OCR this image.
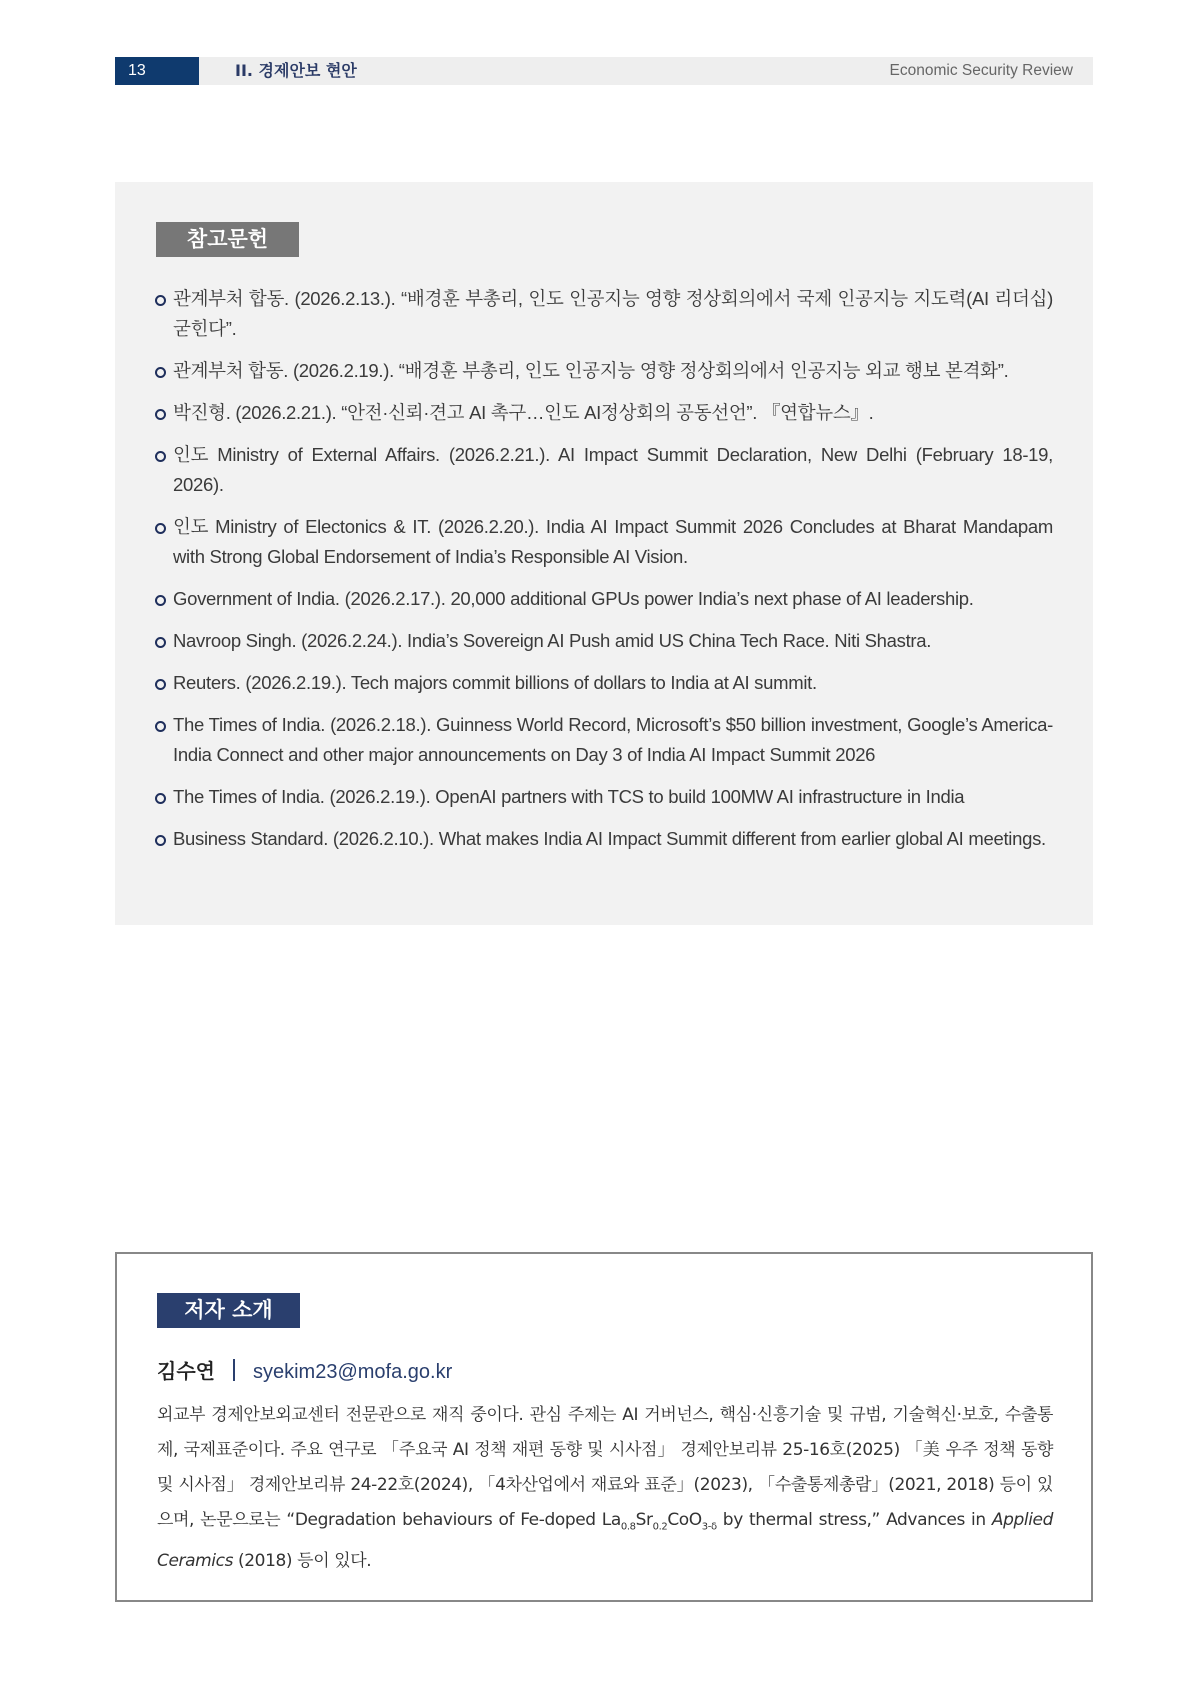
13	II. 경제안보 현안	Economic Security Review
참고문헌
관계부처 합동. (2026.2.13.). “배경훈 부총리, 인도 인공지능 영향 정상회의에서 국제 인공지능 지도력(AI 리더십) 굳힌다”.
관계부처 합동. (2026.2.19.). “배경훈 부총리, 인도 인공지능 영향 정상회의에서 인공지능 외교 행보 본격화”.
박진형. (2026.2.21.). “안전·신뢰·견고 AI 촉구…인도 AI정상회의 공동선언”. 『연합뉴스』.
인도 Ministry of External Affairs. (2026.2.21.). AI Impact Summit Declaration, New Delhi (February 18-19, 2026).
인도 Ministry of Electonics & IT. (2026.2.20.). India AI Impact Summit 2026 Concludes at Bharat Mandapam with Strong Global Endorsement of India’s Responsible AI Vision.
Government of India. (2026.2.17.). 20,000 additional GPUs power India’s next phase of AI leadership.
Navroop Singh. (2026.2.24.). India’s Sovereign AI Push amid US China Tech Race. Niti Shastra.
Reuters. (2026.2.19.). Tech majors commit billions of dollars to India at AI summit.
The Times of India. (2026.2.18.). Guinness World Record, Microsoft’s $50 billion investment, Google’s America-India Connect and other major announcements on Day 3 of India AI Impact Summit 2026
The Times of India. (2026.2.19.). OpenAI partners with TCS to build 100MW AI infrastructure in India
Business Standard. (2026.2.10.). What makes India AI Impact Summit different from earlier global AI meetings.
저자 소개
김수연 syekim23@mofa.go.kr

외교부 경제안보외교센터 전문관으로 재직 중이다. 관심 주제는 AI 거버넌스, 핵심·신흥기술 및 규범, 기술혁신·보호, 수출통제, 국제표준이다. 주요 연구로 「주요국 AI 정책 재편 동향 및 시사점」 경제안보리뷰 25-16호(2025) 「美 우주 정책 동향 및 시사점」 경제안보리뷰 24-22호(2024), 「4차산업에서 재료와 표준」(2023), 「수출통제총람」(2021, 2018) 등이 있으며, 논문으로는 “Degradation behaviours of Fe-doped $La_{0.8}Sr_{0.2}CoO_{3-\delta}$ by thermal stress,” Advances in Applied Ceramics (2018) 등이 있다.
